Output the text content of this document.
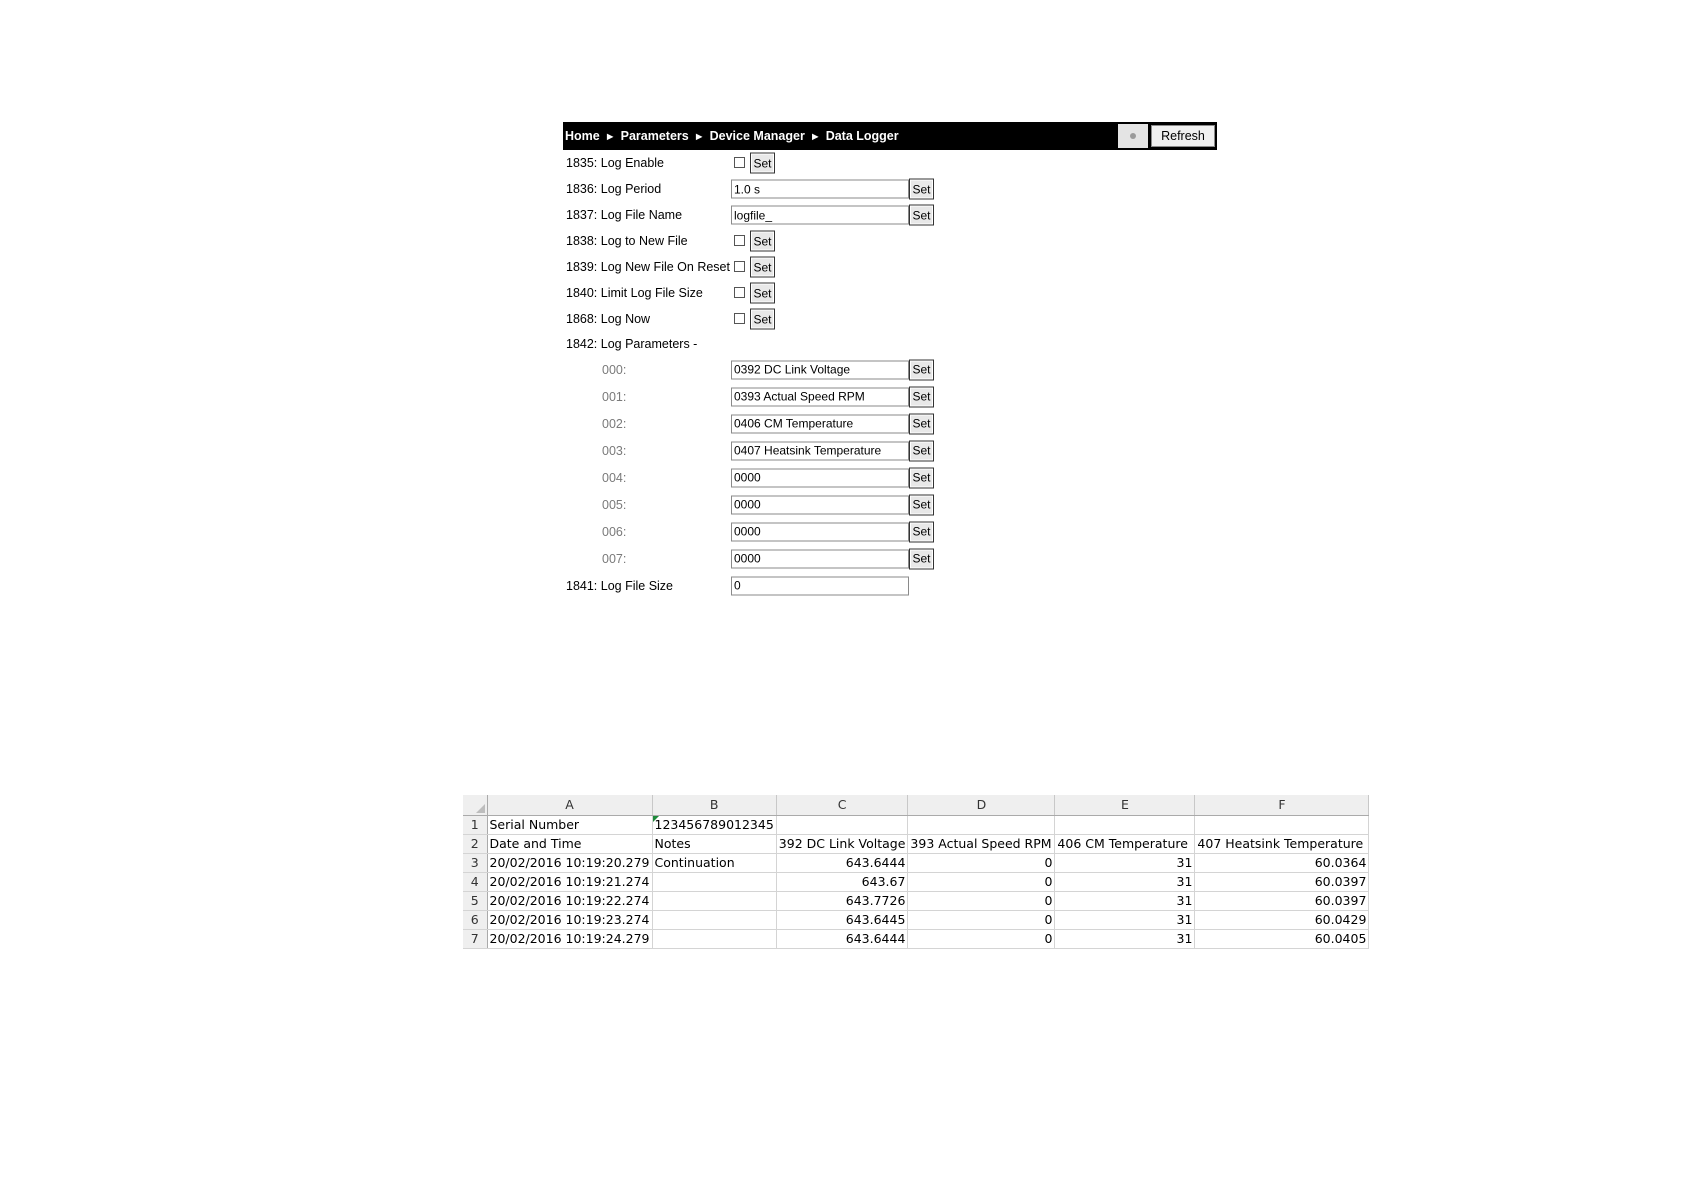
Home ► Parameters ► Device Manager ► Data Logger	Refresh
1835: Log Enable	Set
1836: Log Period
1.0 s	Set
1837: Log File Name
logfile_	Set
1838: Log to New File	Set
1839: Log New File On Reset Set
1840: Limit Log File Size	Set
1868: Log Now	Set
1842: Log Parameters -
000:
0392 DC Link Voltage	Set
001:
0393 Actual Speed RPM	Set
002:
0406 CM Temperature	Set
003:
0407 Heatsink Temperature	Set
004:
0000	Set
005:
0000	Set
006:
0000	Set
007:
0000	Set
1841: Log File Size
0
	A	B	C	D	E	F
1	Serial Number	123456789012345				
2	Date and Time	Notes	392 DC Link Voltage	393 Actual Speed RPM	406 CM Temperature	407 Heatsink Temperature
3	20/02/2016 10:19:20.279	Continuation	643.6444	0	31	60.0364
4	20/02/2016 10:19:21.274		643.67	0	31	60.0397
5	20/02/2016 10:19:22.274		643.7726	0	31	60.0397
6	20/02/2016 10:19:23.274		643.6445	0	31	60.0429
7	20/02/2016 10:19:24.279		643.6444	0	31	60.0405
